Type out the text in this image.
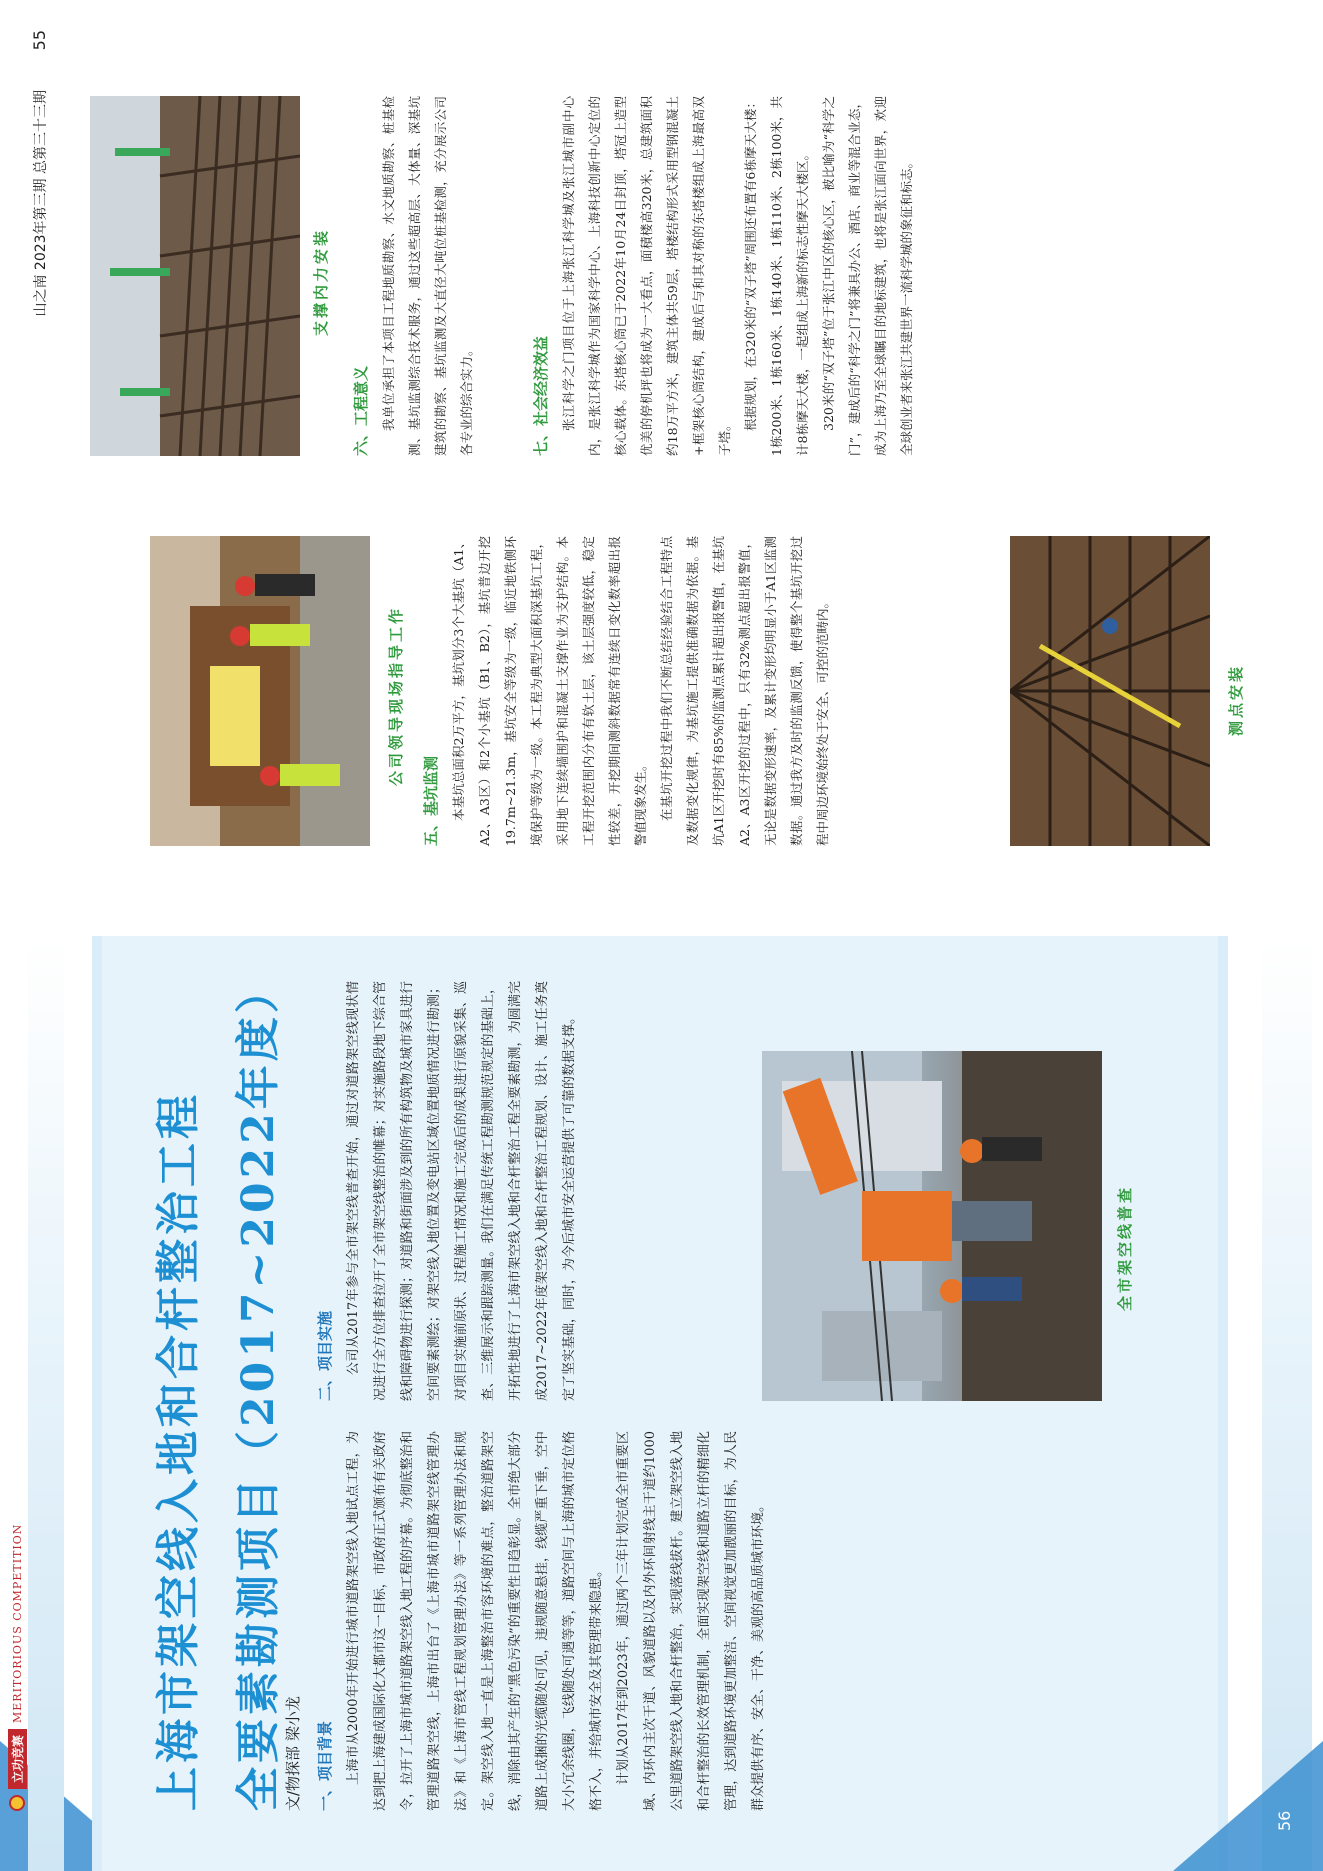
上海市架空线入地和合杆整治工程 全要素勘测项目（2017~2022年度） 文/物探部 梁小龙 一、项目背景 上海市从2000年开始进行城市道路架空线入地试点工程，为达到把上海建成国际化大都市这一目标，市政府正式颁布有关政府令，拉开了上海市城市道路架空线入地工程的序幕。为彻底整治和管理道路架空线，上海市出台了《上海市城市道路架空线管理办法》和《上海市管线工程规划管理办法》等一系列管理办法和规定。架空线入地一直是上海整治市容环境的难点，整治道路架空线，消除由其产生的“黑色污染”的重要性日趋彰显。全市绝大部分道路上成捆的光缆随处可见，违规随意悬挂，线缆严重下垂，空中大小冗余线圈，飞线随处可遇等等，道路空间与上海的城市定位格格不入，并给城市安全及其管理带来隐患。 计划从2017年到2023年，通过两个三年计划完成全市重要区域、内环内主次干道、风貌道路以及内外环间射线主干道约1000公里道路架空线入地和合杆整治，实现落线拔杆。建立架空线入地和合杆整治的长效管理机制，全面实现架空线和道路立杆的精细化管理，达到道路环境更加整洁、空间视觉更加靓丽的目标，为人民群众提供有序、安全、干净、美观的高品质城市环境。

二、项目实施 公司从2017年参与全市架空线普查开始，通过对道路架空线现状情况进行全方位排查拉开了全市架空线整治的帷幕；对实施路段地下综合管线和障碍物进行探测；对道路和街面涉及到的所有构筑物及城市家具进行空间要素测绘；对架空线入地位置及变电站区域位置地质情况进行勘测；对项目实施前原状、过程施工情况和施工完成后的成果进行原貌采集、巡查、三维展示和跟踪测量。我们在满足传统工程勘测规范规定的基础上，开拓性地进行了上海市架空线入地和合杆整治工程全要素勘测，为圆满完成2017~2022年度架空线入地和合杆整治工程规划、设计、施工任务奠定了坚实基础，同时，为今后城市安全运营提供了可靠的数据支撑。	全市架空线普查
立功竞赛
MERITORIOUS COMPETITION
56
山之南 2023年第三期 总第三十三期
55
支撑内力安装
公司领导现场指导工作
五、基坑监测 本基坑总面积2万平方，基坑划分3个大基坑（A1、A2、A3区）和2个小基坑（B1、B2），基坑普边开挖19.7m~21.3m，基坑安全等级为一级，临近地铁侧环境保护等级为一级。本工程为典型大面积深基坑工程，采用地下连续墙围护和混凝土支撑作业为支护结构。本工程开挖范围内分布有软土层，该土层强度较低，稳定性较差，开挖期间测斜数据常有连续日变化数率超出报警值现象发生。 在基坑开挖过程中我们不断总结经验结合工程特点及数据变化规律，为基坑施工提供准确数据为依据。基坑A1区开挖时有85%的监测点累计超出报警值，在基坑A2、A3区开挖的过程中，只有32%测点超出报警值，无论是数据变形速率，及累计变形均明显小于A1区监测数据。通过我方及时的监测反馈，使得整个基坑开挖过程中周边环境始终处于安全、可控的范畴内。

六、工程意义 我单位承担了本项目工程地质勘察、水文地质勘察、桩基检测、基坑监测综合技术服务，通过这些超高层、大体量、深基坑建筑的勘察、基坑监测及大直径大吨位桩基检测，充分展示公司各专业的综合实力。	七、社会经济效益 张江科学之门项目位于上海张江科学城及张江城市副中心内，是张江科学城作为国家科学中心、上海科技创新中心定位的核心载体。东塔核心筒已于2022年10月24日封顶，塔冠上造型优美的停机坪也将成为一大看点，面積楼高320米，总建筑面积约18万平方米，建筑主体共59层，塔楼结构形式采用型钢混凝土+框架核心筒结构，建成后与和其对称的东塔楼组成上海最高双子塔。

根据规划，在320米的“双子塔”周围还布置有6栋摩天大楼：1栋200米、1栋160米、1栋140米、1栋110米、2栋100米，共计8栋摩天大楼，一起组成上海新的标志性摩天大楼区。 320米的“双子塔”位于张江中区的核心区，被比喻为“科学之门”，建成后的“科学之门”将兼具办公、酒店、商业等混合业态，成为上海乃至全球瞩目的地标建筑，也将是张江面向世界，欢迎全球创业者来张江共建世界一流科学城的象征和标志。

测点安装
